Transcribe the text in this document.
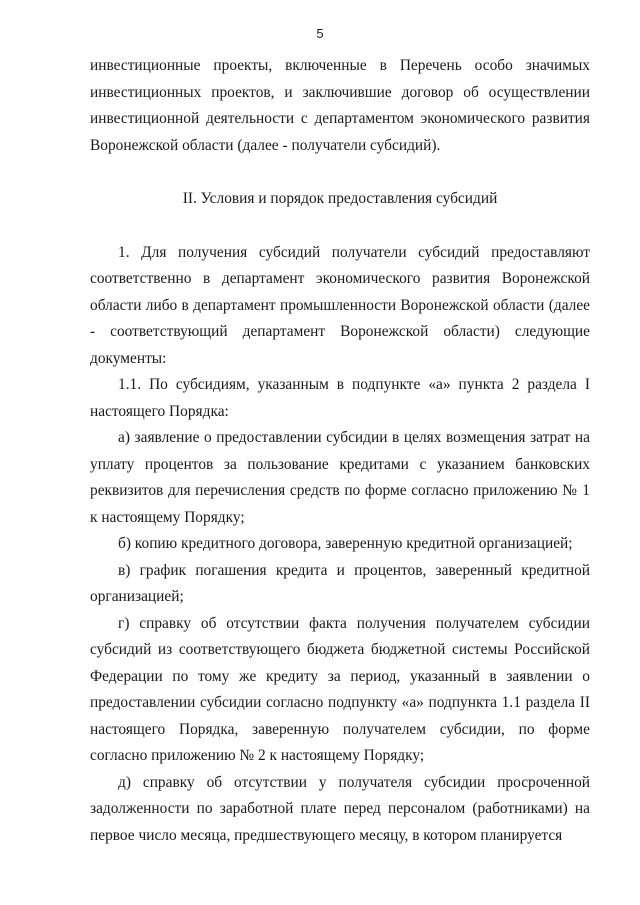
5

инвестиционные проекты, включенные в Перечень особо значимых инвестиционных проектов, и заключившие договор об осуществлении инвестиционной деятельности с департаментом экономического развития Воронежской области (далее - получатели субсидий).

II. Условия и порядок предоставления субсидий

1. Для получения субсидий получатели субсидий предоставляют соответственно в департамент экономического развития Воронежской области либо в департамент промышленности Воронежской области (далее - соответствующий департамент Воронежской области) следующие документы:

1.1. По субсидиям, указанным в подпункте «а» пункта 2 раздела I настоящего Порядка:

а) заявление о предоставлении субсидии в целях возмещения затрат на уплату процентов за пользование кредитами с указанием банковских реквизитов для перечисления средств по форме согласно приложению № 1 к настоящему Порядку;

б) копию кредитного договора, заверенную кредитной организацией;

в) график погашения кредита и процентов, заверенный кредитной организацией;

г) справку об отсутствии факта получения получателем субсидии субсидий из соответствующего бюджета бюджетной системы Российской Федерации по тому же кредиту за период, указанный в заявлении о предоставлении субсидии согласно подпункту «а» подпункта 1.1 раздела II настоящего Порядка, заверенную получателем субсидии, по форме согласно приложению № 2 к настоящему Порядку;

д) справку об отсутствии у получателя субсидии просроченной задолженности по заработной плате перед персоналом (работниками) на первое число месяца, предшествующего месяцу, в котором планируется
